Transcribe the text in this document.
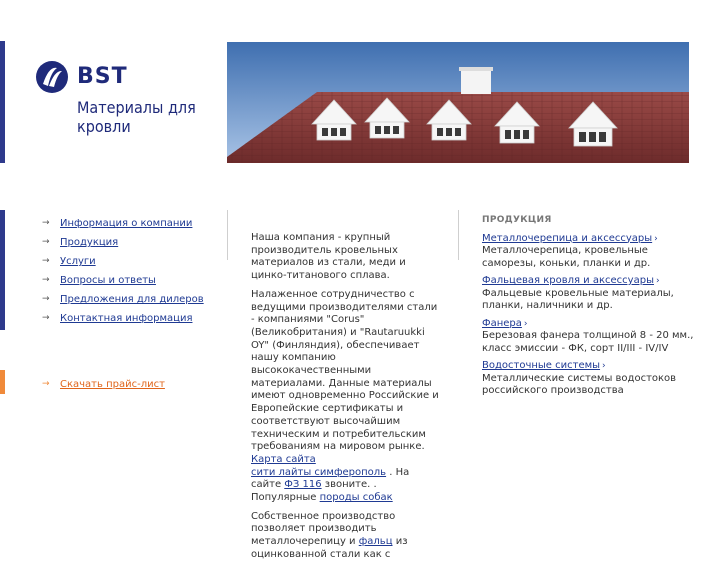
BST
Материалы для кровли
→ Информация о компании
→ Продукция
→ Услуги
→ Вопросы и ответы
→ Предложения для дилеров
→ Контактная информация
→ Скачать прайс-лист

Наша компания - крупный производитель кровельных материалов из стали, меди и цинко-титанового сплава.

Налаженное сотрудничество с ведущими производителями стали - компаниями "Corus" (Великобритания) и "Rautaruukki OY" (Финляндия), обеспечивает нашу компанию высококачественными материалами. Данные материалы имеют одновременно Российские и Европейские сертификаты и соответствуют высочайшим техническим и потребительским требованиям на мировом рынке.
Карта сайта
сити лайты симферополь . На сайте ФЗ 116 звоните. . Популярные породы собак

Собственное производство позволяет производить металлочерепицу и фальц из оцинкованной стали как с

ПРОДУКЦИЯ
Металлочерепица и аксессуары ›
Металлочерепица, кровельные саморезы, коньки, планки и др.
Фальцевая кровля и аксессуары ›
Фальцевые кровельные материалы, планки, наличники и др.
Фанера ›
Березовая фанера толщиной 8 - 20 мм., класс эмиссии - ФК, сорт II/III - IV/IV
Водосточные системы ›
Металлические системы водостоков российского производства
